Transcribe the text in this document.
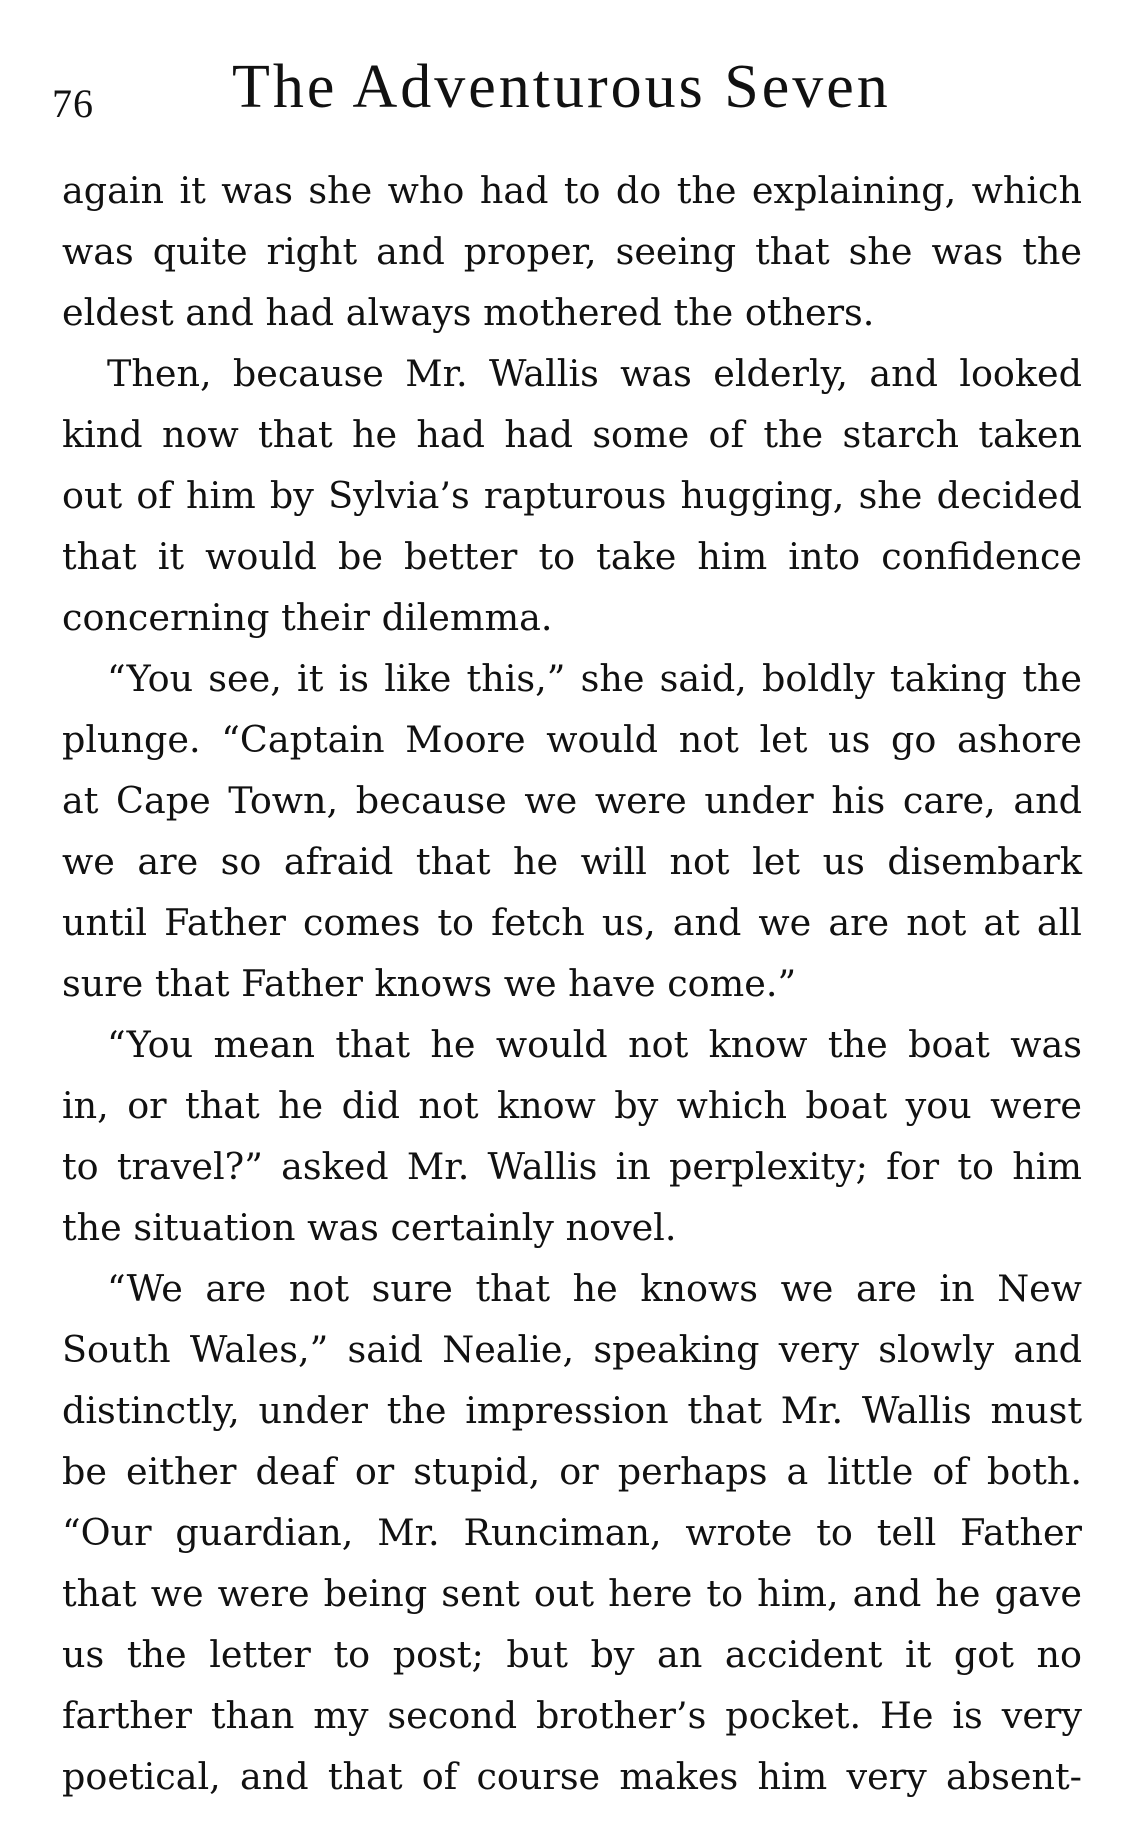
76 The Adventurous Seven
again it was she who had to do the explaining, which
was quite right and proper, seeing that she was the
eldest and had always mothered the others.
Then, because Mr. Wallis was elderly, and looked
kind now that he had had some of the starch taken
out of him by Sylvia’s rapturous hugging, she decided
that it would be better to take him into confidence
concerning their dilemma.
“You see, it is like this,” she said, boldly taking the
plunge. “Captain Moore would not let us go ashore
at Cape Town, because we were under his care, and
we are so afraid that he will not let us disembark
until Father comes to fetch us, and we are not at all
sure that Father knows we have come.”
“You mean that he would not know the boat was
in, or that he did not know by which boat you were
to travel?” asked Mr. Wallis in perplexity; for to him
the situation was certainly novel.
“We are not sure that he knows we are in New
South Wales,” said Nealie, speaking very slowly and
distinctly, under the impression that Mr. Wallis must
be either deaf or stupid, or perhaps a little of both.
“Our guardian, Mr. Runciman, wrote to tell Father
that we were being sent out here to him, and he gave
us the letter to post; but by an accident it got no
farther than my second brother’s pocket. He is very
poetical, and that of course makes him very absent-
